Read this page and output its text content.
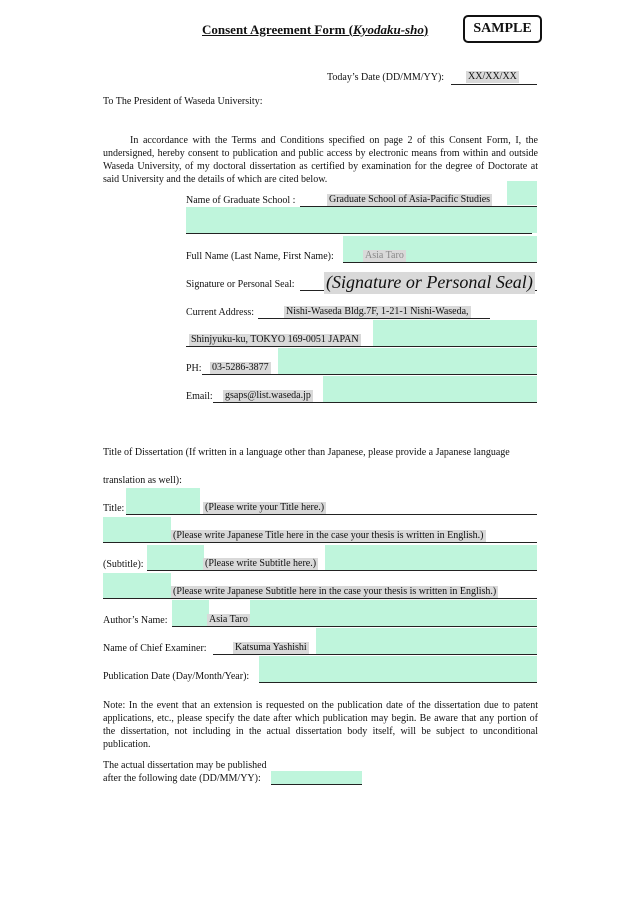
Consent Agreement Form (Kyodaku-sho)	SAMPLE
Today’s Date (DD/MM/YY): XX/XX/XX
To The President of Waseda University:
In accordance with the Terms and Conditions specified on page 2 of this Consent Form, I, the undersigned, hereby consent to publication and public access by electronic means from within and outside Waseda University, of my doctoral dissertation as certified by examination for the degree of Doctorate at said University and the details of which are cited below.
Name of Graduate School :	Graduate School of Asia-Pacific Studies
Full Name (Last Name, First Name):	Asia Taro
Signature or Personal Seal: (Signature or Personal Seal)
Current Address:	Nishi-Waseda Bldg.7F, 1-21-1 Nishi-Waseda,
Shinjyuku-ku, TOKYO 169-0051 JAPAN
PH: 03-5286-3877
Email: gsaps@list.waseda.jp
Title of Dissertation (If written in a language other than Japanese, please provide a Japanese language
translation as well):
Title:	(Please write your Title here.)
(Please write Japanese Title here in the case your thesis is written in English.)
(Subtitle):	(Please write Subtitle here.)
(Please write Japanese Subtitle here in the case your thesis is written in English.)
Author’s Name:	Asia Taro
Name of Chief Examiner:	Katsuma Yashishi
Publication Date (Day/Month/Year):
Note: In the event that an extension is requested on the publication date of the dissertation due to patent applications, etc., please specify the date after which publication may begin. Be aware that any portion of the dissertation, not including in the actual dissertation body itself, will be subject to unconditional publication.
The actual dissertation may be published
after the following date (DD/MM/YY):
